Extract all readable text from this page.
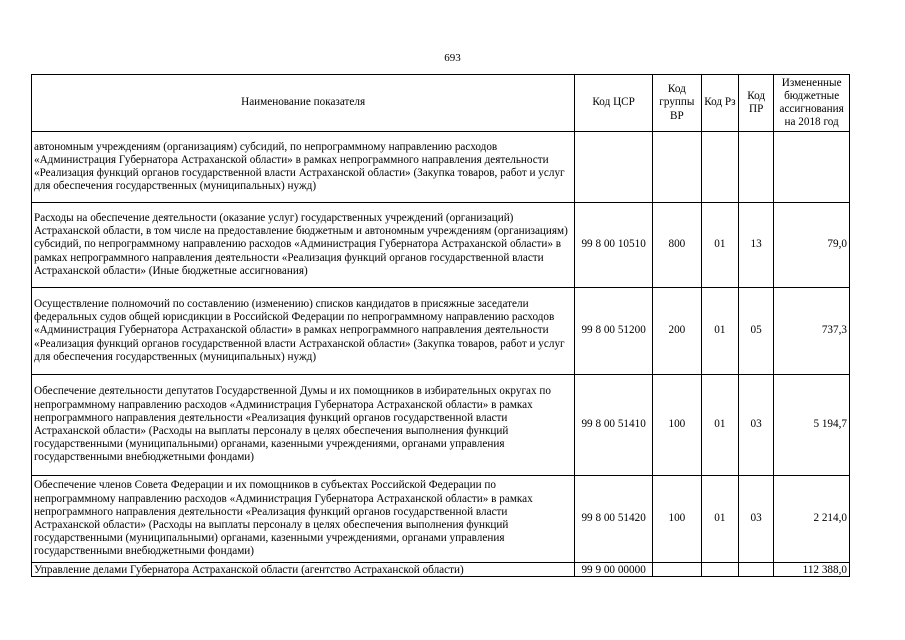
693
Наименование показателя	Код ЦСР	Код группы ВР	Код Рз	Код ПР	Измененные бюджетные ассигнования на 2018 год
автономным учреждениям (организациям) субсидий, по непрограммному направлению расходов «Администрация Губернатора Астраханской области» в рамках непрограммного направления деятельности «Реализация функций органов государственной власти Астраханской области» (Закупка товаров, работ и услуг для обеспечения государственных (муниципальных) нужд)					
Расходы на обеспечение деятельности (оказание услуг) государственных учреждений (организаций) Астраханской области, в том числе на предоставление бюджетным и автономным учреждениям (организациям) субсидий, по непрограммному направлению расходов «Администрация Губернатора Астраханской области» в рамках непрограммного направления деятельности «Реализация функций органов государственной власти Астраханской области» (Иные бюджетные ассигнования)	99 8 00 10510	800	01	13	79,0
Осуществление полномочий по составлению (изменению) списков кандидатов в присяжные заседатели федеральных судов общей юрисдикции в Российской Федерации по непрограммному направлению расходов «Администрация Губернатора Астраханской области» в рамках непрограммного направления деятельности «Реализация функций органов государственной власти Астраханской области» (Закупка товаров, работ и услуг для обеспечения государственных (муниципальных) нужд)	99 8 00 51200	200	01	05	737,3
Обеспечение деятельности депутатов Государственной Думы и их помощников в избирательных округах по непрограммному направлению расходов «Администрация Губернатора Астраханской области» в рамках непрограммного направления деятельности «Реализация функций органов государственной власти Астраханской области» (Расходы на выплаты персоналу в целях обеспечения выполнения функций государственными (муниципальными) органами, казенными учреждениями, органами управления государственными внебюджетными фондами)	99 8 00 51410	100	01	03	5 194,7
Обеспечение членов Совета Федерации и их помощников в субъектах Российской Федерации по непрограммному направлению расходов «Администрация Губернатора Астраханской области» в рамках непрограммного направления деятельности «Реализация функций органов государственной власти Астраханской области» (Расходы на выплаты персоналу в целях обеспечения выполнения функций государственными (муниципальными) органами, казенными учреждениями, органами управления государственными внебюджетными фондами)	99 8 00 51420	100	01	03	2 214,0
Управление делами Губернатора Астраханской области (агентство Астраханской области)	99 9 00 00000				112 388,0
